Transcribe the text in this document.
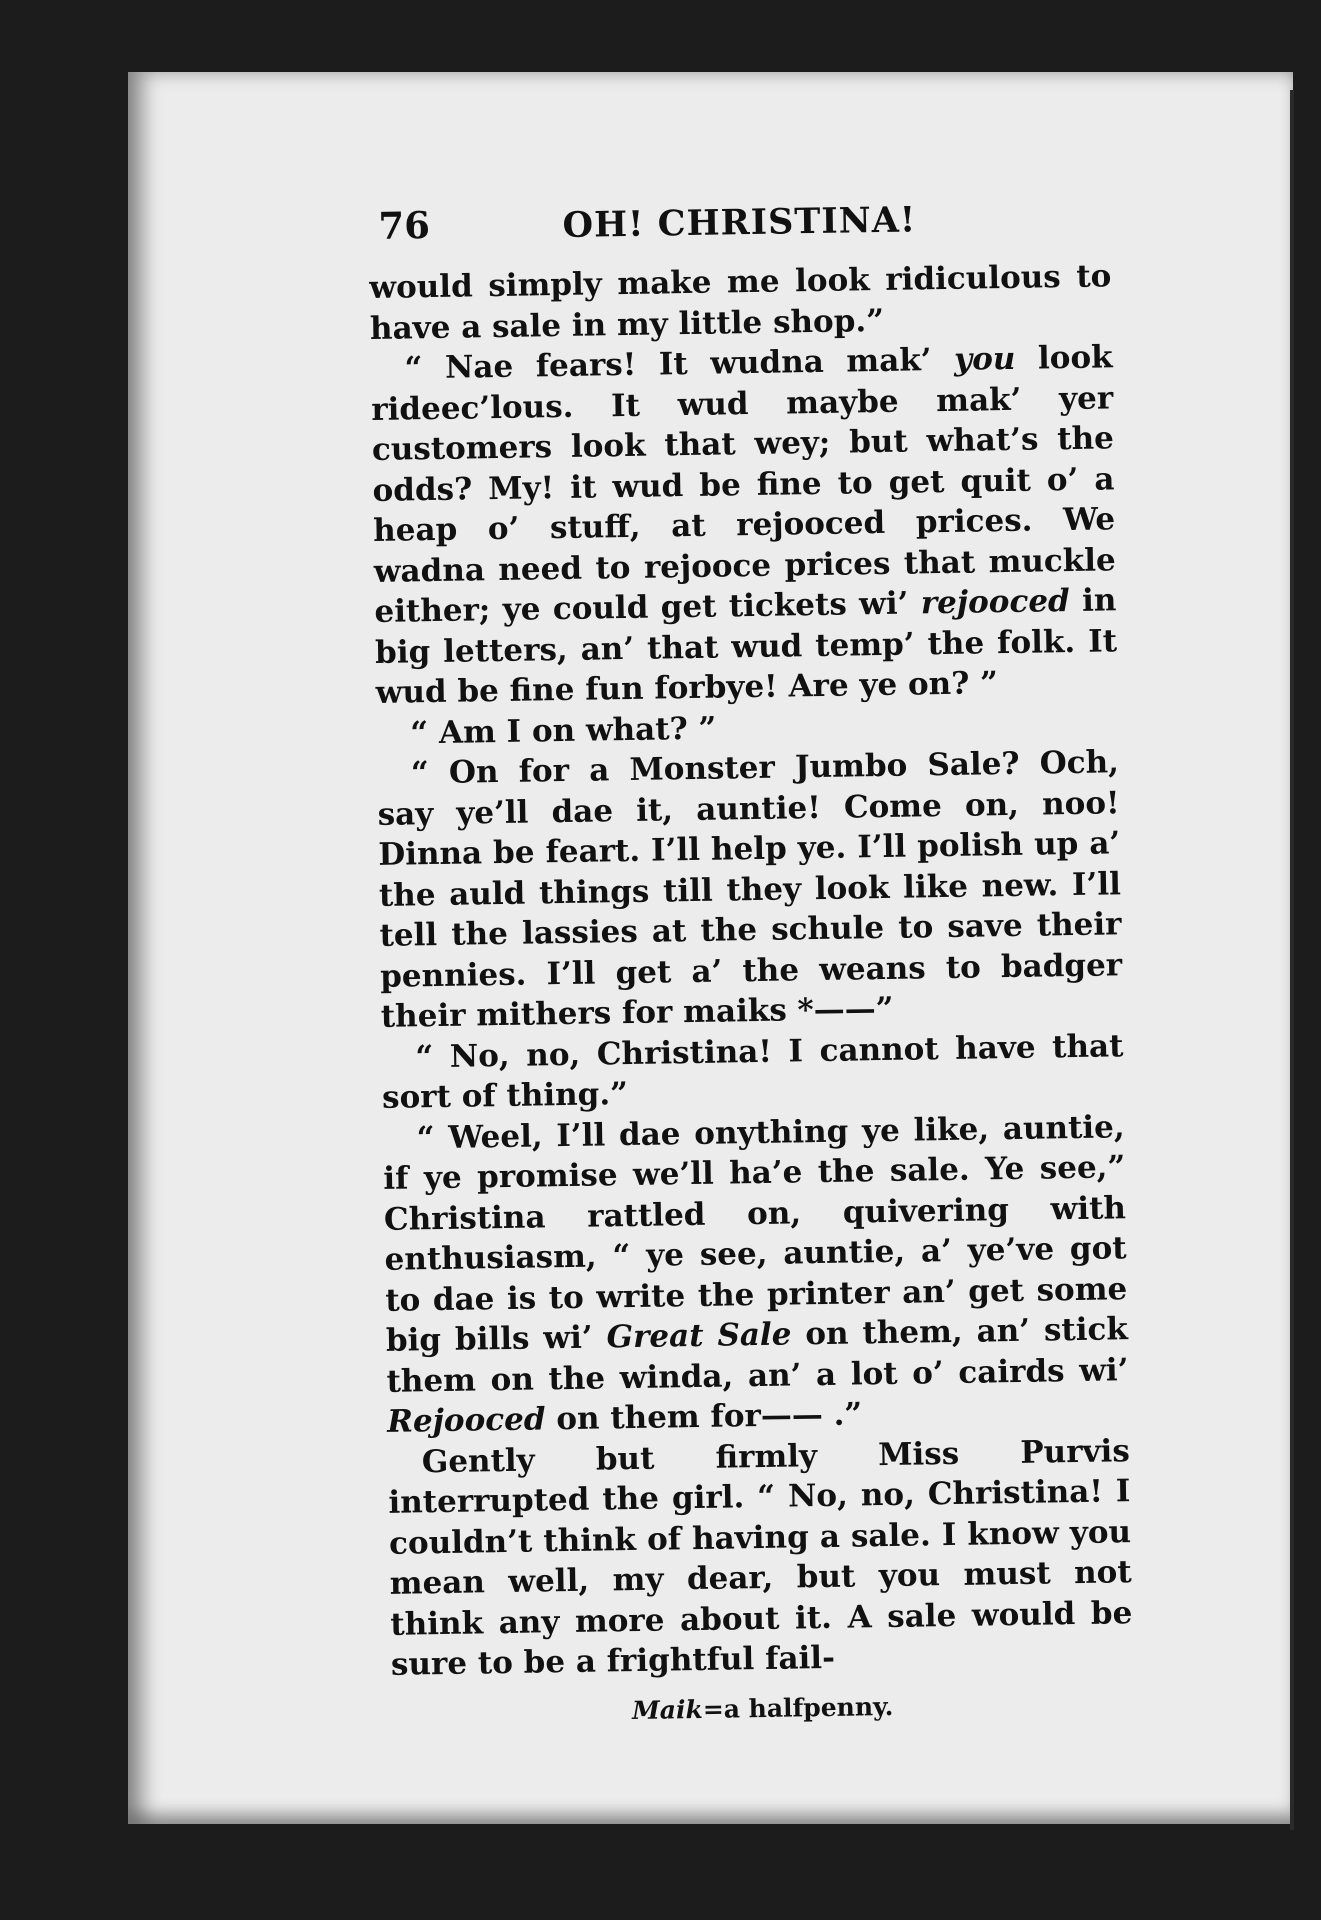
76	OH! CHRISTINA!

would simply make me look ridiculous to have a sale in my little shop.”

“ Nae fears! It wudna mak’ you look rideec’lous. It wud maybe mak’ yer customers look that wey; but what’s the odds? My! it wud be fine to get quit o’ a heap o’ stuff, at rejooced prices. We wadna need to rejooce prices that muckle either; ye could get tickets wi’ rejooced in big letters, an’ that wud temp’ the folk. It wud be fine fun forbye! Are ye on? ”

“ Am I on what? ”

“ On for a Monster Jumbo Sale? Och, say ye’ll dae it, auntie! Come on, noo! Dinna be feart. I’ll help ye. I’ll polish up a’ the auld things till they look like new. I’ll tell the lassies at the schule to save their pennies. I’ll get a’ the weans to badger their mithers for maiks *——”

“ No, no, Christina! I cannot have that sort of thing.”

“ Weel, I’ll dae onything ye like, auntie, if ye promise we’ll ha’e the sale. Ye see,” Christina rattled on, quivering with enthusiasm, “ ye see, auntie, a’ ye’ve got to dae is to write the printer an’ get some big bills wi’ Great Sale on them, an’ stick them on the winda, an’ a lot o’ cairds wi’ Rejooced on them for—— .”

Gently but firmly Miss Purvis interrupted the girl. “ No, no, Christina! I couldn’t think of having a sale. I know you mean well, my dear, but you must not think any more about it. A sale would be sure to be a frightful fail-

Maik=a halfpenny.
